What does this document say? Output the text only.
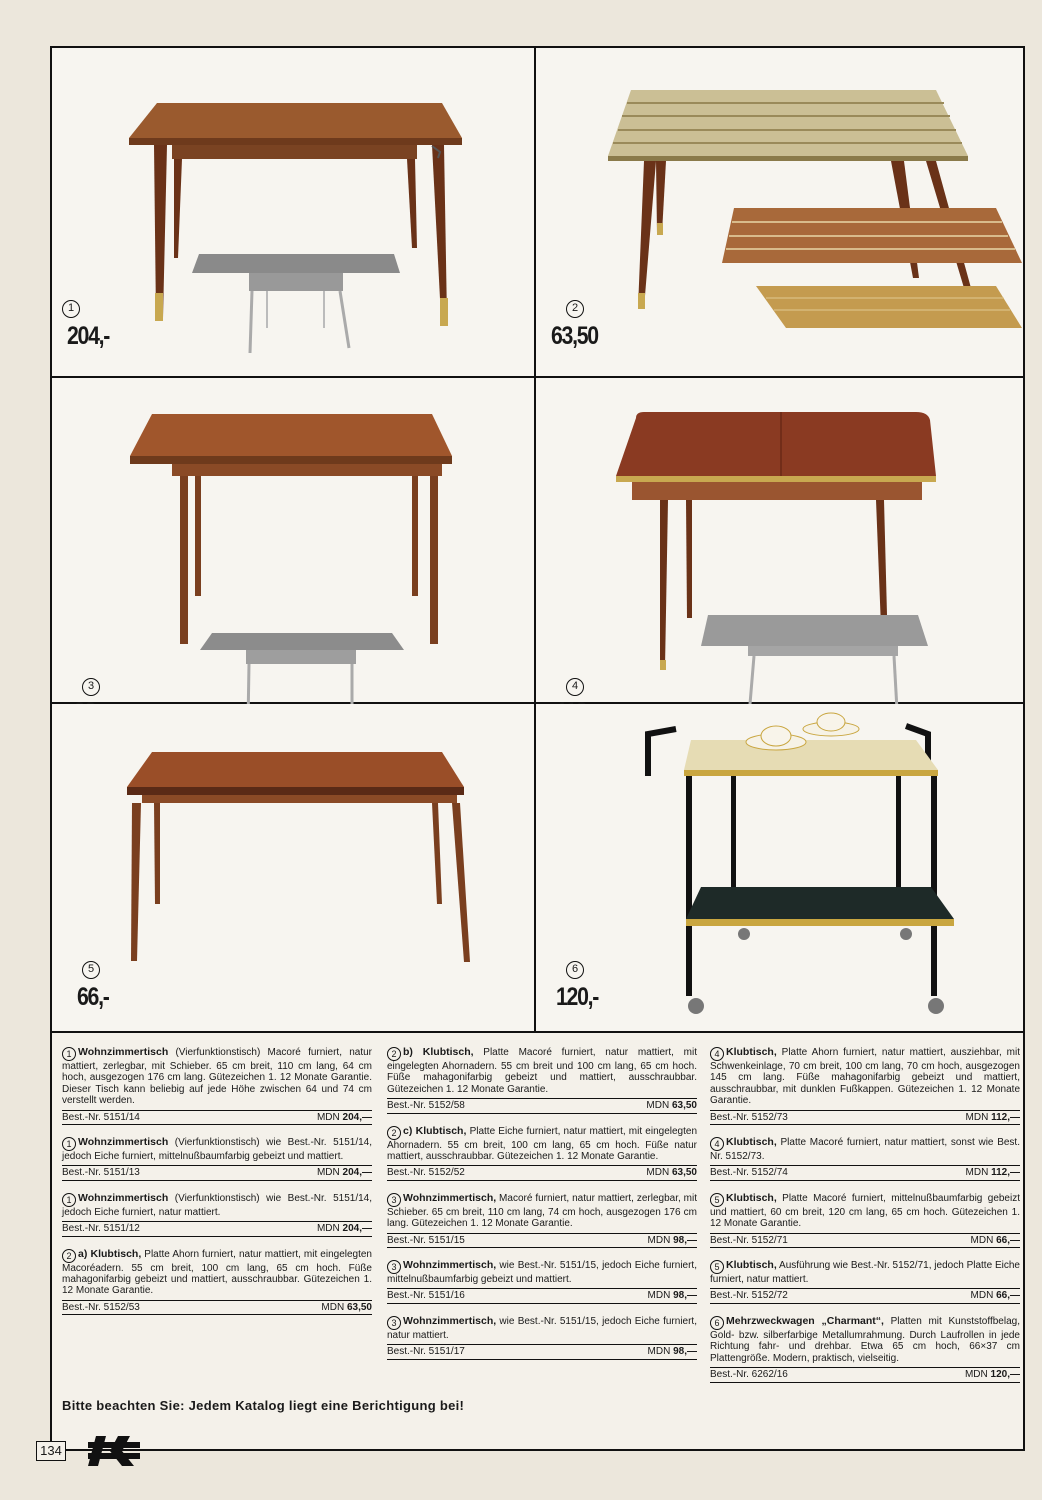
1
204,-
2
63,50
3	4
5
66,-
6
120,-

1 Wohnzimmertisch (Vierfunktionstisch) Macoré furniert, natur mattiert, zerlegbar, mit Schieber. 65 cm breit, 110 cm lang, 64 cm hoch, ausgezogen 176 cm lang. Gütezeichen 1. 12 Monate Garantie. Dieser Tisch kann beliebig auf jede Höhe zwischen 64 und 74 cm verstellt werden.

Best.-Nr. 5151/14	MDN 204,—

1 Wohnzimmertisch (Vierfunktionstisch) wie Best.-Nr. 5151/14, jedoch Eiche furniert, mittelnußbaumfarbig gebeizt und mattiert.

Best.-Nr. 5151/13	MDN 204,—

1 Wohnzimmertisch (Vierfunktionstisch) wie Best.-Nr. 5151/14, jedoch Eiche furniert, natur mattiert.

Best.-Nr. 5151/12	MDN 204,—

2 a) Klubtisch, Platte Ahorn furniert, natur mattiert, mit eingelegten Macoréadern. 55 cm breit, 100 cm lang, 65 cm hoch. Füße mahagonifarbig gebeizt und mattiert, ausschraubbar. Gütezeichen 1. 12 Monate Garantie.

Best.-Nr. 5152/53	MDN 63,50

2 b) Klubtisch, Platte Macoré furniert, natur mattiert, mit eingelegten Ahornadern. 55 cm breit und 100 cm lang, 65 cm hoch. Füße mahagonifarbig gebeizt und mattiert, ausschraubbar. Gütezeichen 1. 12 Monate Garantie.

Best.-Nr. 5152/58	MDN 63,50

2 c) Klubtisch, Platte Eiche furniert, natur mattiert, mit eingelegten Ahornadern. 55 cm breit, 100 cm lang, 65 cm hoch. Füße natur mattiert, ausschraubbar. Gütezeichen 1. 12 Monate Garantie.

Best.-Nr. 5152/52	MDN 63,50

3 Wohnzimmertisch, Macoré furniert, natur mattiert, zerlegbar, mit Schieber. 65 cm breit, 110 cm lang, 74 cm hoch, ausgezogen 176 cm lang. Gütezeichen 1. 12 Monate Garantie.

Best.-Nr. 5151/15	MDN 98,—

3 Wohnzimmertisch, wie Best.-Nr. 5151/15, jedoch Eiche furniert, mittelnußbaumfarbig gebeizt und mattiert.

Best.-Nr. 5151/16	MDN 98,—

3 Wohnzimmertisch, wie Best.-Nr. 5151/15, jedoch Eiche furniert, natur mattiert.

Best.-Nr. 5151/17	MDN 98,—

4 Klubtisch, Platte Ahorn furniert, natur mattiert, ausziehbar, mit Schwenkeinlage, 70 cm breit, 100 cm lang, 70 cm hoch, ausgezogen 145 cm lang. Füße mahagonifarbig gebeizt und mattiert, ausschraubbar, mit dunklen Fußkappen. Gütezeichen 1. 12 Monate Garantie.

Best.-Nr. 5152/73	MDN 112,—

4 Klubtisch, Platte Macoré furniert, natur mattiert, sonst wie Best. Nr. 5152/73.

Best.-Nr. 5152/74	MDN 112,—

5 Klubtisch, Platte Macoré furniert, mittelnußbaumfarbig gebeizt und mattiert, 60 cm breit, 120 cm lang, 65 cm hoch. Gütezeichen 1. 12 Monate Garantie.

Best.-Nr. 5152/71	MDN 66,—

5 Klubtisch, Ausführung wie Best.-Nr. 5152/71, jedoch Platte Eiche furniert, natur mattiert.

Best.-Nr. 5152/72	MDN 66,—

6 Mehrzweckwagen „Charmant“, Platten mit Kunststoffbelag, Gold- bzw. silberfarbige Metallumrahmung. Durch Laufrollen in jede Richtung fahr- und drehbar. Etwa 65 cm hoch, 66×37 cm Plattengröße. Modern, praktisch, vielseitig.

Best.-Nr. 6262/16	MDN 120,—
Bitte beachten Sie: Jedem Katalog liegt eine Berichtigung bei!
134
